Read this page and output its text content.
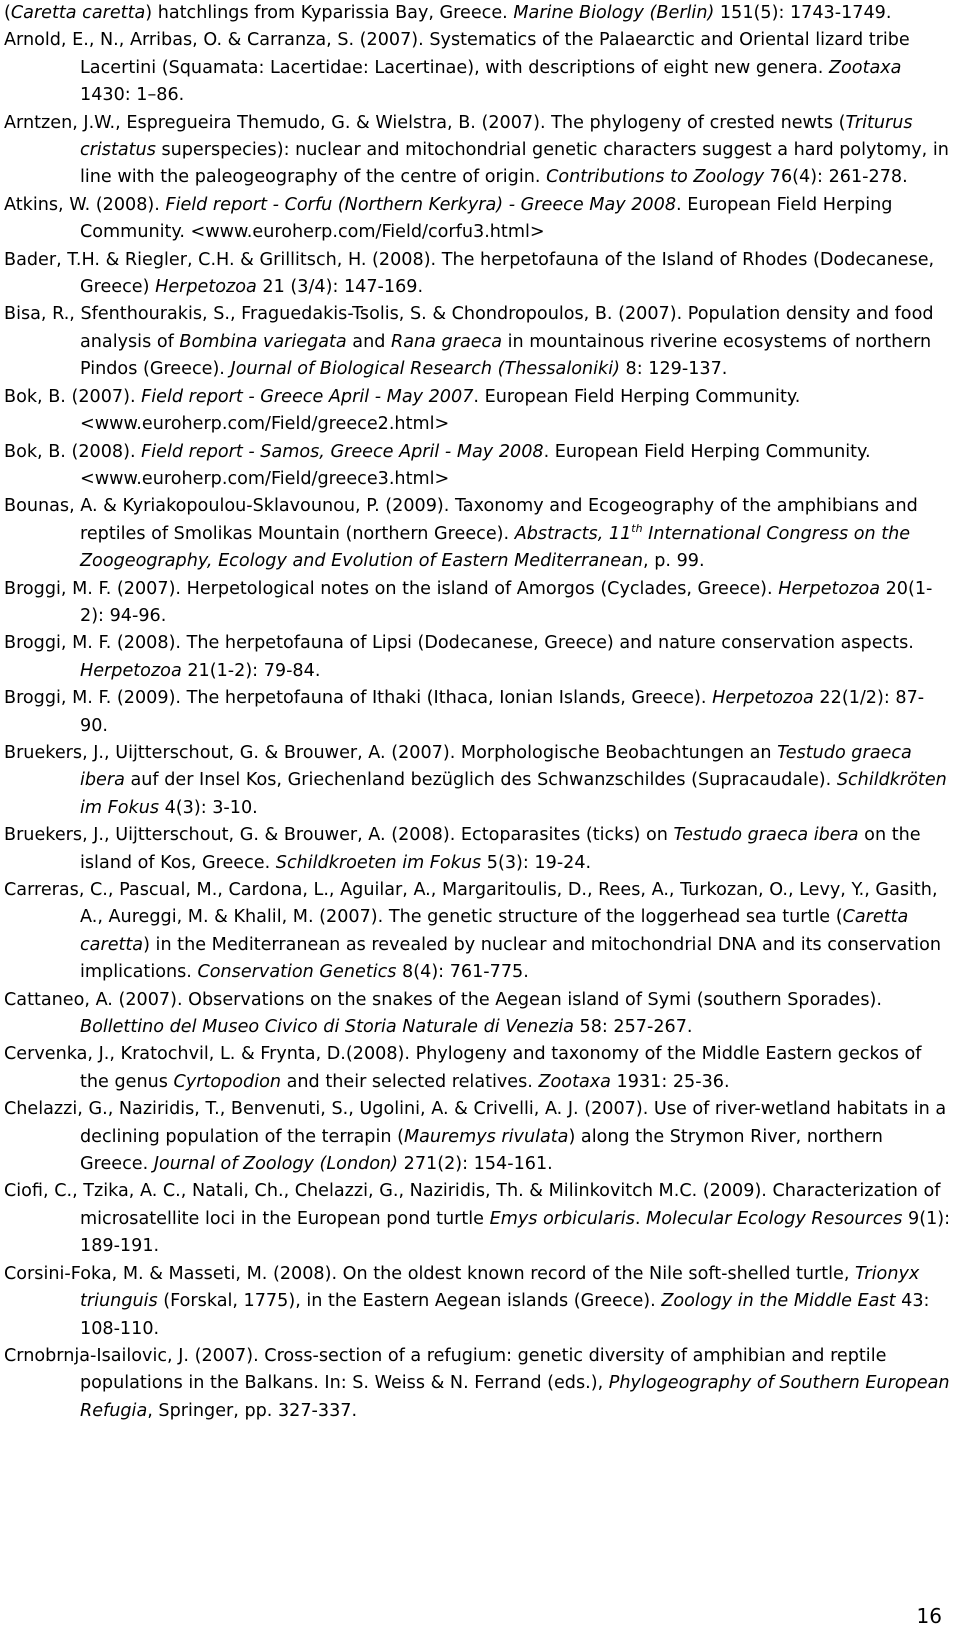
(Caretta caretta) hatchlings from Kyparissia Bay, Greece. Marine Biology (Berlin) 151(5): 1743-1749.

Arnold, E., N., Arribas, O. & Carranza, S. (2007). Systematics of the Palaearctic and Oriental lizard tribe Lacertini (Squamata: Lacertidae: Lacertinae), with descriptions of eight new genera. Zootaxa 1430: 1–86.

Arntzen, J.W., Espregueira Themudo, G. & Wielstra, B. (2007). The phylogeny of crested newts (Triturus cristatus superspecies): nuclear and mitochondrial genetic characters suggest a hard polytomy, in line with the paleogeography of the centre of origin. Contributions to Zoology 76(4): 261-278.

Atkins, W. (2008). Field report - Corfu (Northern Kerkyra) - Greece May 2008. European Field Herping Community. <www.euroherp.com/Field/corfu3.html>

Bader, T.H. & Riegler, C.H. & Grillitsch, H. (2008). The herpetofauna of the Island of Rhodes (Dodecanese, Greece) Herpetozoa 21 (3/4): 147-169.

Bisa, R., Sfenthourakis, S., Fraguedakis-Tsolis, S. & Chondropoulos, B. (2007). Population density and food analysis of Bombina variegata and Rana graeca in mountainous riverine ecosystems of northern Pindos (Greece). Journal of Biological Research (Thessaloniki) 8: 129-137.

Bok, B. (2007). Field report - Greece April - May 2007. European Field Herping Community. <www.euroherp.com/Field/greece2.html>

Bok, B. (2008). Field report - Samos, Greece April - May 2008. European Field Herping Community. <www.euroherp.com/Field/greece3.html>

Bounas, A. & Kyriakopoulou-Sklavounou, P. (2009). Taxonomy and Ecogeography of the amphibians and reptiles of Smolikas Mountain (northern Greece). Abstracts, 11th International Congress on the Zoogeography, Ecology and Evolution of Eastern Mediterranean, p. 99.

Broggi, M. F. (2007). Herpetological notes on the island of Amorgos (Cyclades, Greece). Herpetozoa 20(1-2): 94-96.

Broggi, M. F. (2008). The herpetofauna of Lipsi (Dodecanese, Greece) and nature conservation aspects. Herpetozoa 21(1-2): 79-84.

Broggi, M. F. (2009). The herpetofauna of Ithaki (Ithaca, Ionian Islands, Greece). Herpetozoa 22(1/2): 87-90.

Bruekers, J., Uijtterschout, G. & Brouwer, A. (2007). Morphologische Beobachtungen an Testudo graeca ibera auf der Insel Kos, Griechenland bezüglich des Schwanzschildes (Supracaudale). Schildkröten im Fokus 4(3): 3-10.

Bruekers, J., Uijtterschout, G. & Brouwer, A. (2008). Ectoparasites (ticks) on Testudo graeca ibera on the island of Kos, Greece. Schildkroeten im Fokus 5(3): 19-24.

Carreras, C., Pascual, M., Cardona, L., Aguilar, A., Margaritoulis, D., Rees, A., Turkozan, O., Levy, Y., Gasith, A., Aureggi, M. & Khalil, M. (2007). The genetic structure of the loggerhead sea turtle (Caretta caretta) in the Mediterranean as revealed by nuclear and mitochondrial DNA and its conservation implications. Conservation Genetics 8(4): 761-775.

Cattaneo, A. (2007). Observations on the snakes of the Aegean island of Symi (southern Sporades). Bollettino del Museo Civico di Storia Naturale di Venezia 58: 257-267.

Cervenka, J., Kratochvil, L. & Frynta, D.(2008). Phylogeny and taxonomy of the Middle Eastern geckos of the genus Cyrtopodion and their selected relatives. Zootaxa 1931: 25-36.

Chelazzi, G., Naziridis, T., Benvenuti, S., Ugolini, A. & Crivelli, A. J. (2007). Use of river-wetland habitats in a declining population of the terrapin (Mauremys rivulata) along the Strymon River, northern Greece. Journal of Zoology (London) 271(2): 154-161.

Ciofi, C., Tzika, A. C., Natali, Ch., Chelazzi, G., Naziridis, Th. & Milinkovitch M.C. (2009). Characterization of microsatellite loci in the European pond turtle Emys orbicularis. Molecular Ecology Resources 9(1): 189-191.

Corsini-Foka, M. & Masseti, M. (2008). On the oldest known record of the Nile soft-shelled turtle, Trionyx triunguis (Forskal, 1775), in the Eastern Aegean islands (Greece). Zoology in the Middle East 43: 108-110.

Crnobrnja-Isailovic, J. (2007). Cross-section of a refugium: genetic diversity of amphibian and reptile populations in the Balkans. In: S. Weiss & N. Ferrand (eds.), Phylogeography of Southern European Refugia, Springer, pp. 327-337.

16
